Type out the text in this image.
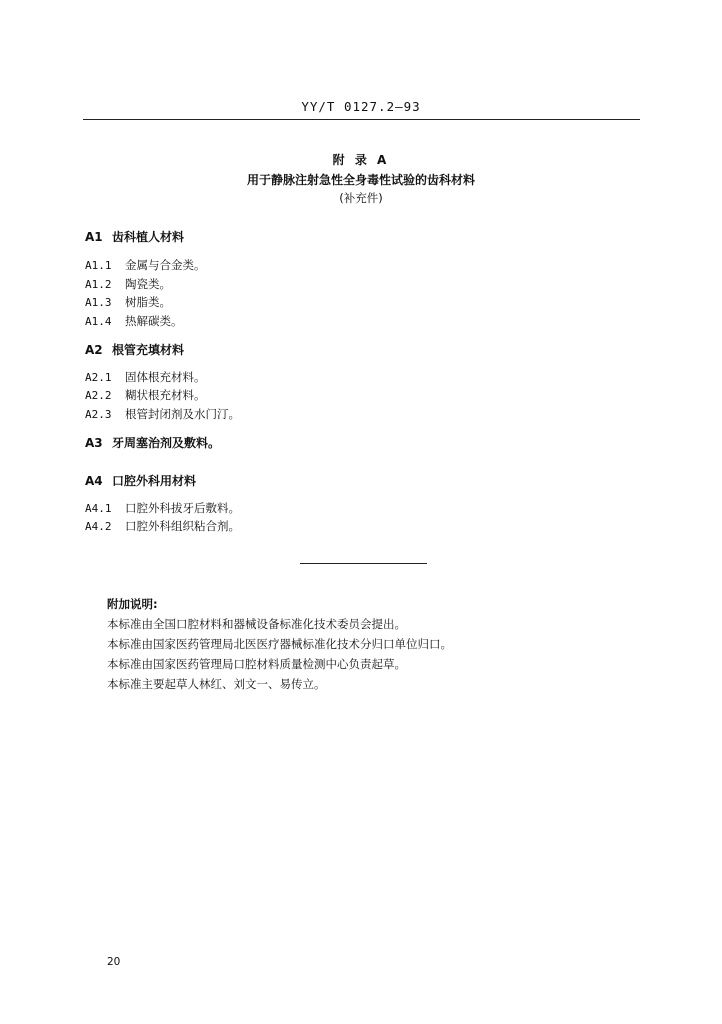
YY/T 0127.2—93
附 录 A
用于静脉注射急性全身毒性试验的齿科材料
(补充件)
A1 齿科植人材料
A1.1 金属与合金类。
A1.2 陶瓷类。
A1.3 树脂类。
A1.4 热解碳类。
A2 根管充填材料
A2.1 固体根充材料。
A2.2 糊状根充材料。
A2.3 根管封闭剂及水门汀。
A3 牙周塞治剂及敷料。
A4 口腔外科用材料
A4.1 口腔外科拔牙后敷料。
A4.2 口腔外科组织粘合剂。
附加说明:
本标准由全国口腔材料和器械设备标准化技术委员会提出。
本标准由国家医药管理局北医医疗器械标准化技术分归口单位归口。
本标准由国家医药管理局口腔材料质量检测中心负责起草。
本标准主要起草人林红、刘文一、易传立。
20
